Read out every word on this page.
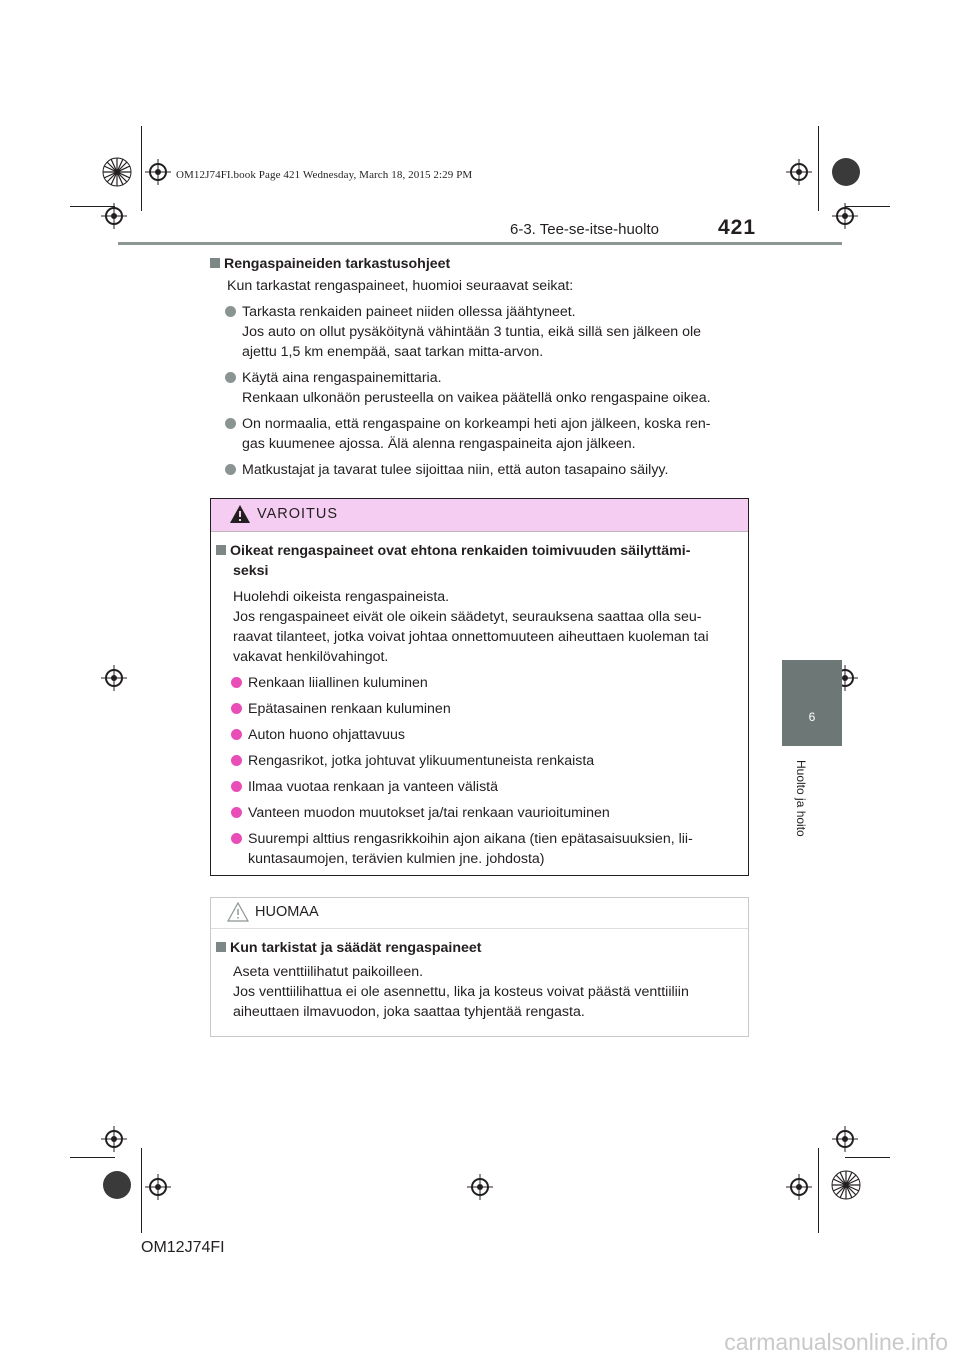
OM12J74FI.book Page 421 Wednesday, March 18, 2015 2:29 PM
6-3. Tee-se-itse-huolto	421
6
Huolto ja hoito
Rengaspaineiden tarkastusohjeet
Kun tarkastat rengaspaineet, huomioi seuraavat seikat:
Tarkasta renkaiden paineet niiden ollessa jäähtyneet.
Jos auto on ollut pysäköitynä vähintään 3 tuntia, eikä sillä sen jälkeen ole
ajettu 1,5 km enempää, saat tarkan mitta-arvon.
Käytä aina rengaspainemittaria.
Renkaan ulkonäön perusteella on vaikea päätellä onko rengaspaine oikea.
On normaalia, että rengaspaine on korkeampi heti ajon jälkeen, koska ren-
gas kuumenee ajossa. Älä alenna rengaspaineita ajon jälkeen.
Matkustajat ja tavarat tulee sijoittaa niin, että auton tasapaino säilyy.
VAROITUS
Oikeat rengaspaineet ovat ehtona renkaiden toimivuuden säilyttämi-
seksi
Huolehdi oikeista rengaspaineista.
Jos rengaspaineet eivät ole oikein säädetyt, seurauksena saattaa olla seu-
raavat tilanteet, jotka voivat johtaa onnettomuuteen aiheuttaen kuoleman tai
vakavat henkilövahingot.
Renkaan liiallinen kuluminen
Epätasainen renkaan kuluminen
Auton huono ohjattavuus
Rengasrikot, jotka johtuvat ylikuumentuneista renkaista
Ilmaa vuotaa renkaan ja vanteen välistä
Vanteen muodon muutokset ja/tai renkaan vaurioituminen
Suurempi alttius rengasrikkoihin ajon aikana (tien epätasaisuuksien, lii-
kuntasaumojen, terävien kulmien jne. johdosta)
HUOMAA
Kun tarkistat ja säädät rengaspaineet
Aseta venttiilihatut paikoilleen.
Jos venttiilihattua ei ole asennettu, lika ja kosteus voivat päästä venttiiliin
aiheuttaen ilmavuodon, joka saattaa tyhjentää rengasta.
OM12J74FI
carmanualsonline.info
